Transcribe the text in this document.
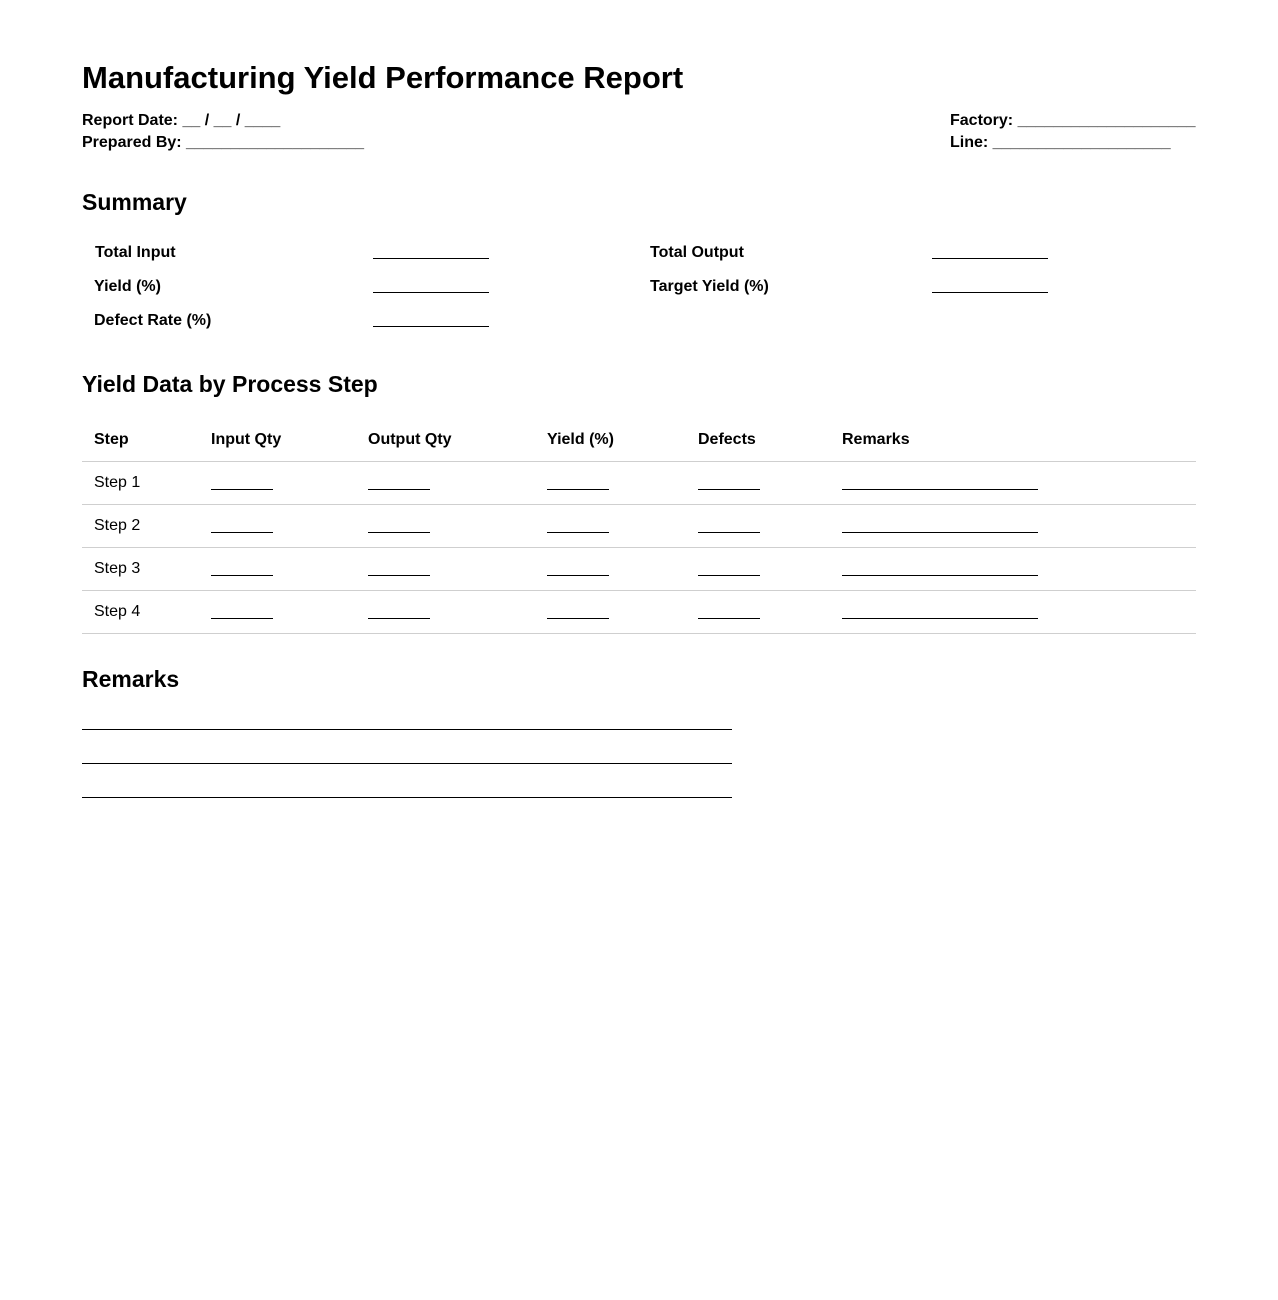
Manufacturing Yield Performance Report
Report Date: __ / __ / ____
Prepared By: ____________________
Factory: ____________________
Line: ____________________
Summary
Total Input	Total Output
Yield (%)	Target Yield (%)
Defect Rate (%)
Yield Data by Process Step
Step	Input Qty	Output Qty	Yield (%)	Defects	Remarks
Step 1					
Step 2					
Step 3					
Step 4					
Remarks
